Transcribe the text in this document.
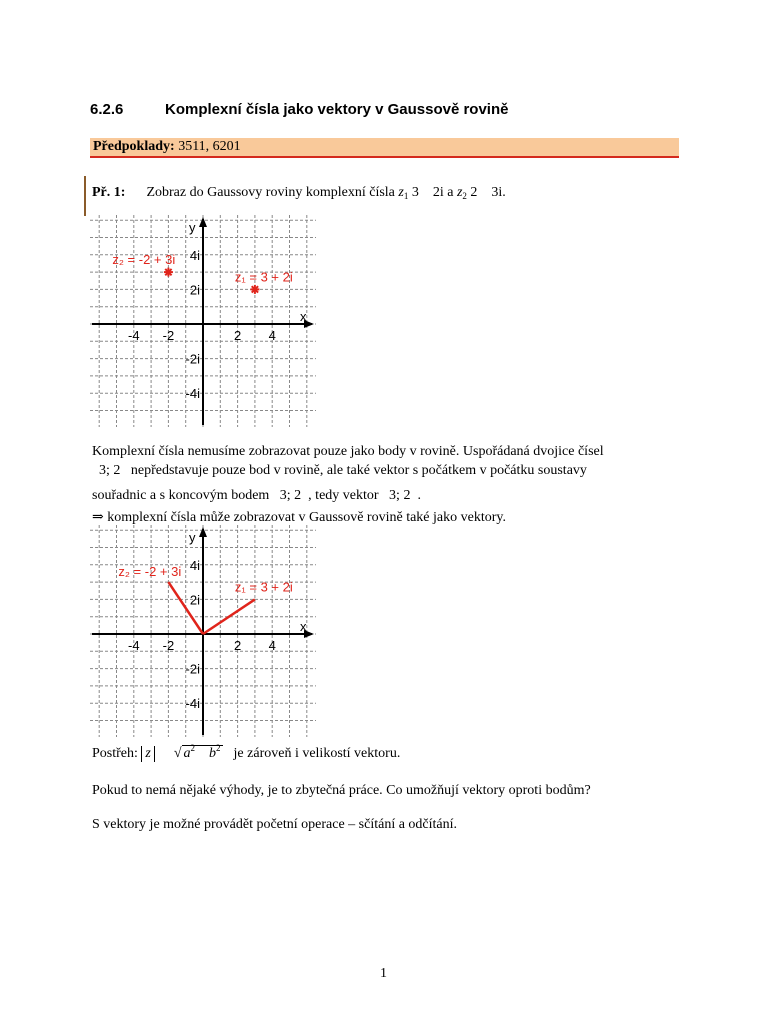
6.2.6	Komplexní čísla jako vektory v Gaussově rovině
Předpoklady: 3511, 6201
Př. 1: Zobraz do Gaussovy roviny komplexní čísla $z_1$ 3    2i a $z_2$ 2    3i.
y
x
-4 -2	2 4
4i
2i
-2i
-4i
z₁ = 3 + 2i
z₂ = -2 + 3i
Komplexní čísla nemusíme zobrazovat pouze jako body v rovině. Uspořádaná dvojice čísel
3; 2   nepředstavuje pouze bod v rovině, ale také vektor s počátkem v počátku soustavy
souřadnic a s koncovým bodem   3; 2  , tedy vektor   3; 2  .
⇒ komplexní čísla může zobrazovat v Gaussově rovině také jako vektory.
y
x
-4 -2	2 4
4i
2i
-2i
-4i
z₁ = 3 + 2i
z₂ = -2 + 3i
Postřeh: z √ $a^2$ $b^2$ je zároveň i velikostí vektoru.
Pokud to nemá nějaké výhody, je to zbytečná práce. Co umožňují vektory oproti bodům?
S vektory je možné provádět početní operace – sčítání a odčítání.
1
